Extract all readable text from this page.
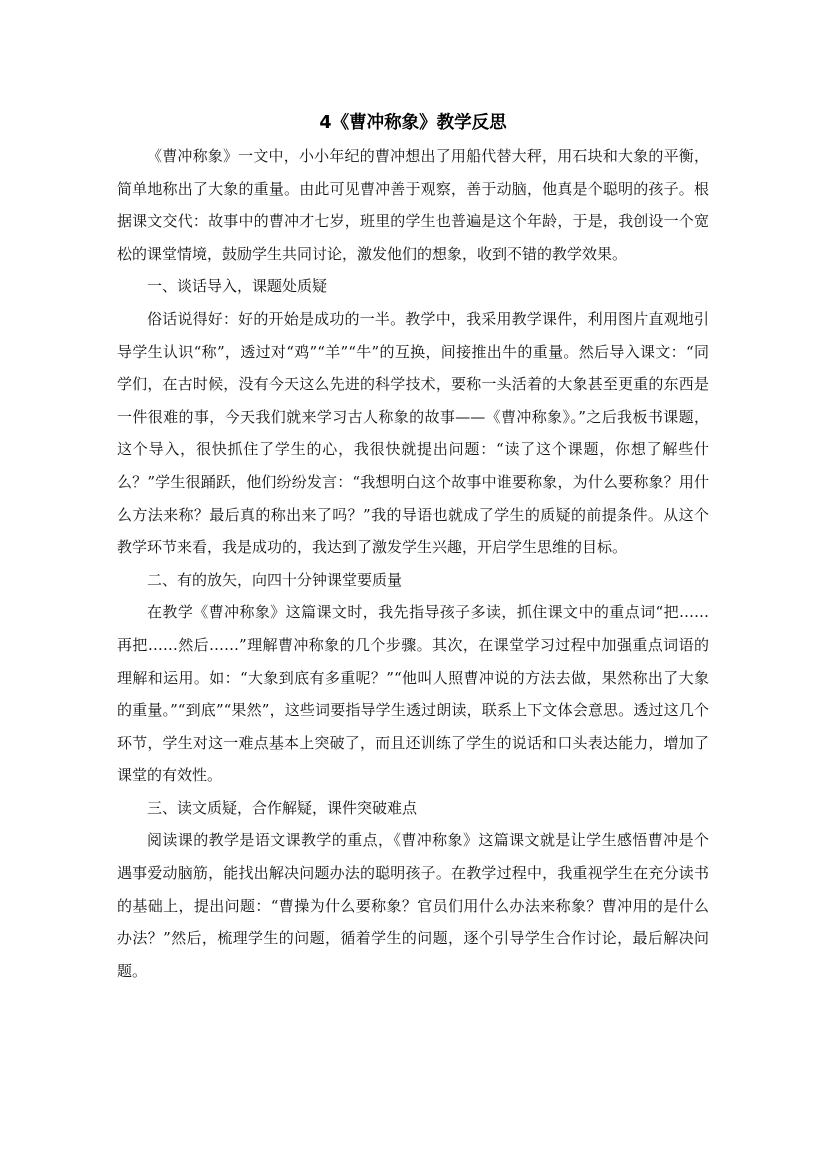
4《曹冲称象》教学反思

《曹冲称象》一文中，小小年纪的曹冲想出了用船代替大秤，用石块和大象的平衡，简单地称出了大象的重量。由此可见曹冲善于观察，善于动脑，他真是个聪明的孩子。根据课文交代：故事中的曹冲才七岁，班里的学生也普遍是这个年龄，于是，我创设一个宽松的课堂情境，鼓励学生共同讨论，激发他们的想象，收到不错的教学效果。

一、谈话导入，课题处质疑

俗话说得好：好的开始是成功的一半。教学中，我采用教学课件，利用图片直观地引导学生认识“称”，透过对“鸡”“羊”“牛”的互换，间接推出牛的重量。然后导入课文：“同学们，在古时候，没有今天这么先进的科学技术，要称一头活着的大象甚至更重的东西是一件很难的事，今天我们就来学习古人称象的故事——《曹冲称象》。”之后我板书课题，这个导入，很快抓住了学生的心，我很快就提出问题：“读了这个课题，你想了解些什么？”学生很踊跃，他们纷纷发言：“我想明白这个故事中谁要称象，为什么要称象？用什么方法来称？最后真的称出来了吗？”我的导语也就成了学生的质疑的前提条件。从这个教学环节来看，我是成功的，我达到了激发学生兴趣，开启学生思维的目标。

二、有的放矢，向四十分钟课堂要质量

在教学《曹冲称象》这篇课文时，我先指导孩子多读，抓住课文中的重点词“把……再把……然后……”理解曹冲称象的几个步骤。其次，在课堂学习过程中加强重点词语的理解和运用。如：“大象到底有多重呢？”“他叫人照曹冲说的方法去做，果然称出了大象的重量。”“到底”“果然”，这些词要指导学生透过朗读，联系上下文体会意思。透过这几个环节，学生对这一难点基本上突破了，而且还训练了学生的说话和口头表达能力，增加了课堂的有效性。

三、读文质疑，合作解疑，课件突破难点

阅读课的教学是语文课教学的重点，《曹冲称象》这篇课文就是让学生感悟曹冲是个遇事爱动脑筋，能找出解决问题办法的聪明孩子。在教学过程中，我重视学生在充分读书的基础上，提出问题：“曹操为什么要称象？官员们用什么办法来称象？曹冲用的是什么办法？”然后，梳理学生的问题，循着学生的问题，逐个引导学生合作讨论，最后解决问题。
